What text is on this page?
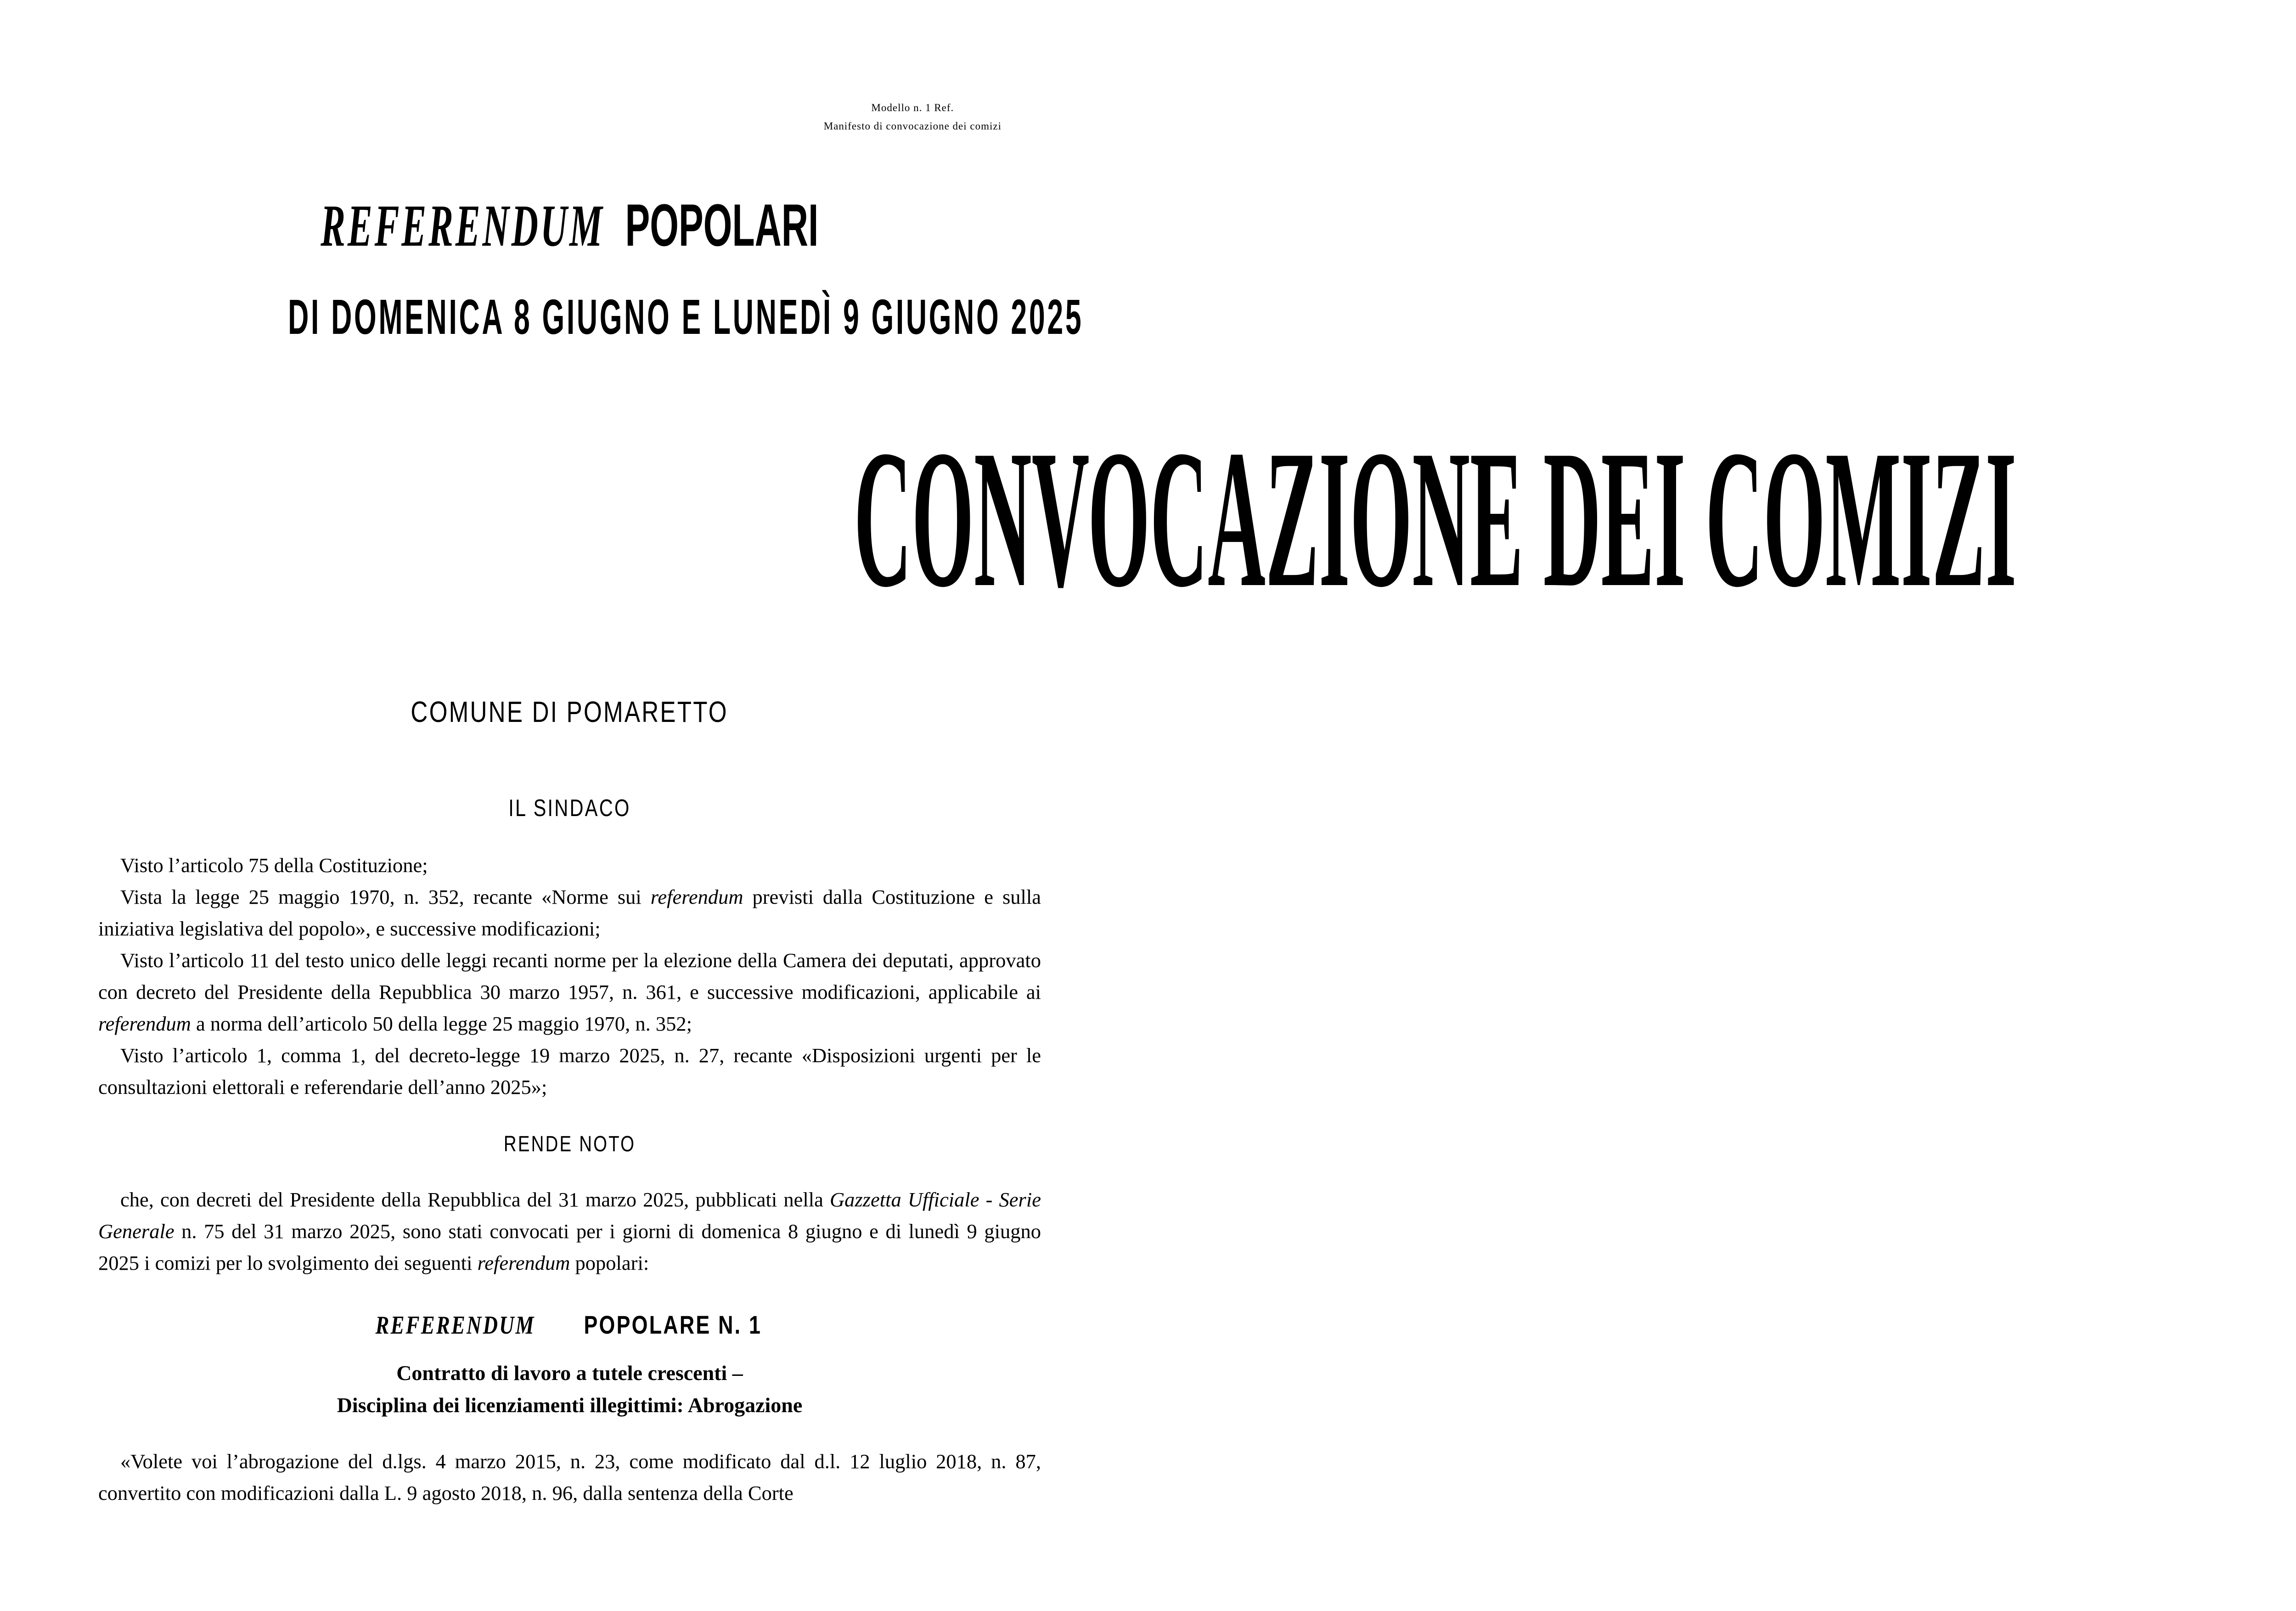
Modello n. 1 Ref.
Manifesto di convocazione dei comizi
REFERENDUM POPOLARI
DI DOMENICA 8 GIUGNO E LUNEDÌ 9 GIUGNO 2025
CONVOCAZIONE DEI COMIZI
COMUNE DI POMARETTO
IL SINDACO

Visto l’articolo 75 della Costituzione;

Vista la legge 25 maggio 1970, n. 352, recante «Norme sui referendum previsti dalla Costituzione e sulla iniziativa legislativa del popolo», e successive modificazioni;

Visto l’articolo 11 del testo unico delle leggi recanti norme per la elezione della Camera dei deputati, approvato con decreto del Presidente della Repubblica 30 marzo 1957, n. 361, e successive modificazioni, applicabile ai referendum a norma dell’articolo 50 della legge 25 maggio 1970, n. 352;

Visto l’articolo 1, comma 1, del decreto-legge 19 marzo 2025, n. 27, recante «Disposizioni urgenti per le consultazioni elettorali e referendarie dell’anno 2025»;

RENDE NOTO

che, con decreti del Presidente della Repubblica del 31 marzo 2025, pubblicati nella Gazzetta Ufficiale - Serie Generale n. 75 del 31 marzo 2025, sono stati convocati per i giorni di domenica 8 giugno e di lunedì 9 giugno 2025 i comizi per lo svolgimento dei seguenti referendum popolari:

REFERENDUM POPOLARE N. 1
Contratto di lavoro a tutele crescenti –
Disciplina dei licenziamenti illegittimi: Abrogazione

«Volete voi l’abrogazione del d.lgs. 4 marzo 2015, n. 23, come modificato dal d.l. 12 luglio 2018, n. 87, convertito con modificazioni dalla L. 9 agosto 2018, n. 96, dalla sentenza della Corte
